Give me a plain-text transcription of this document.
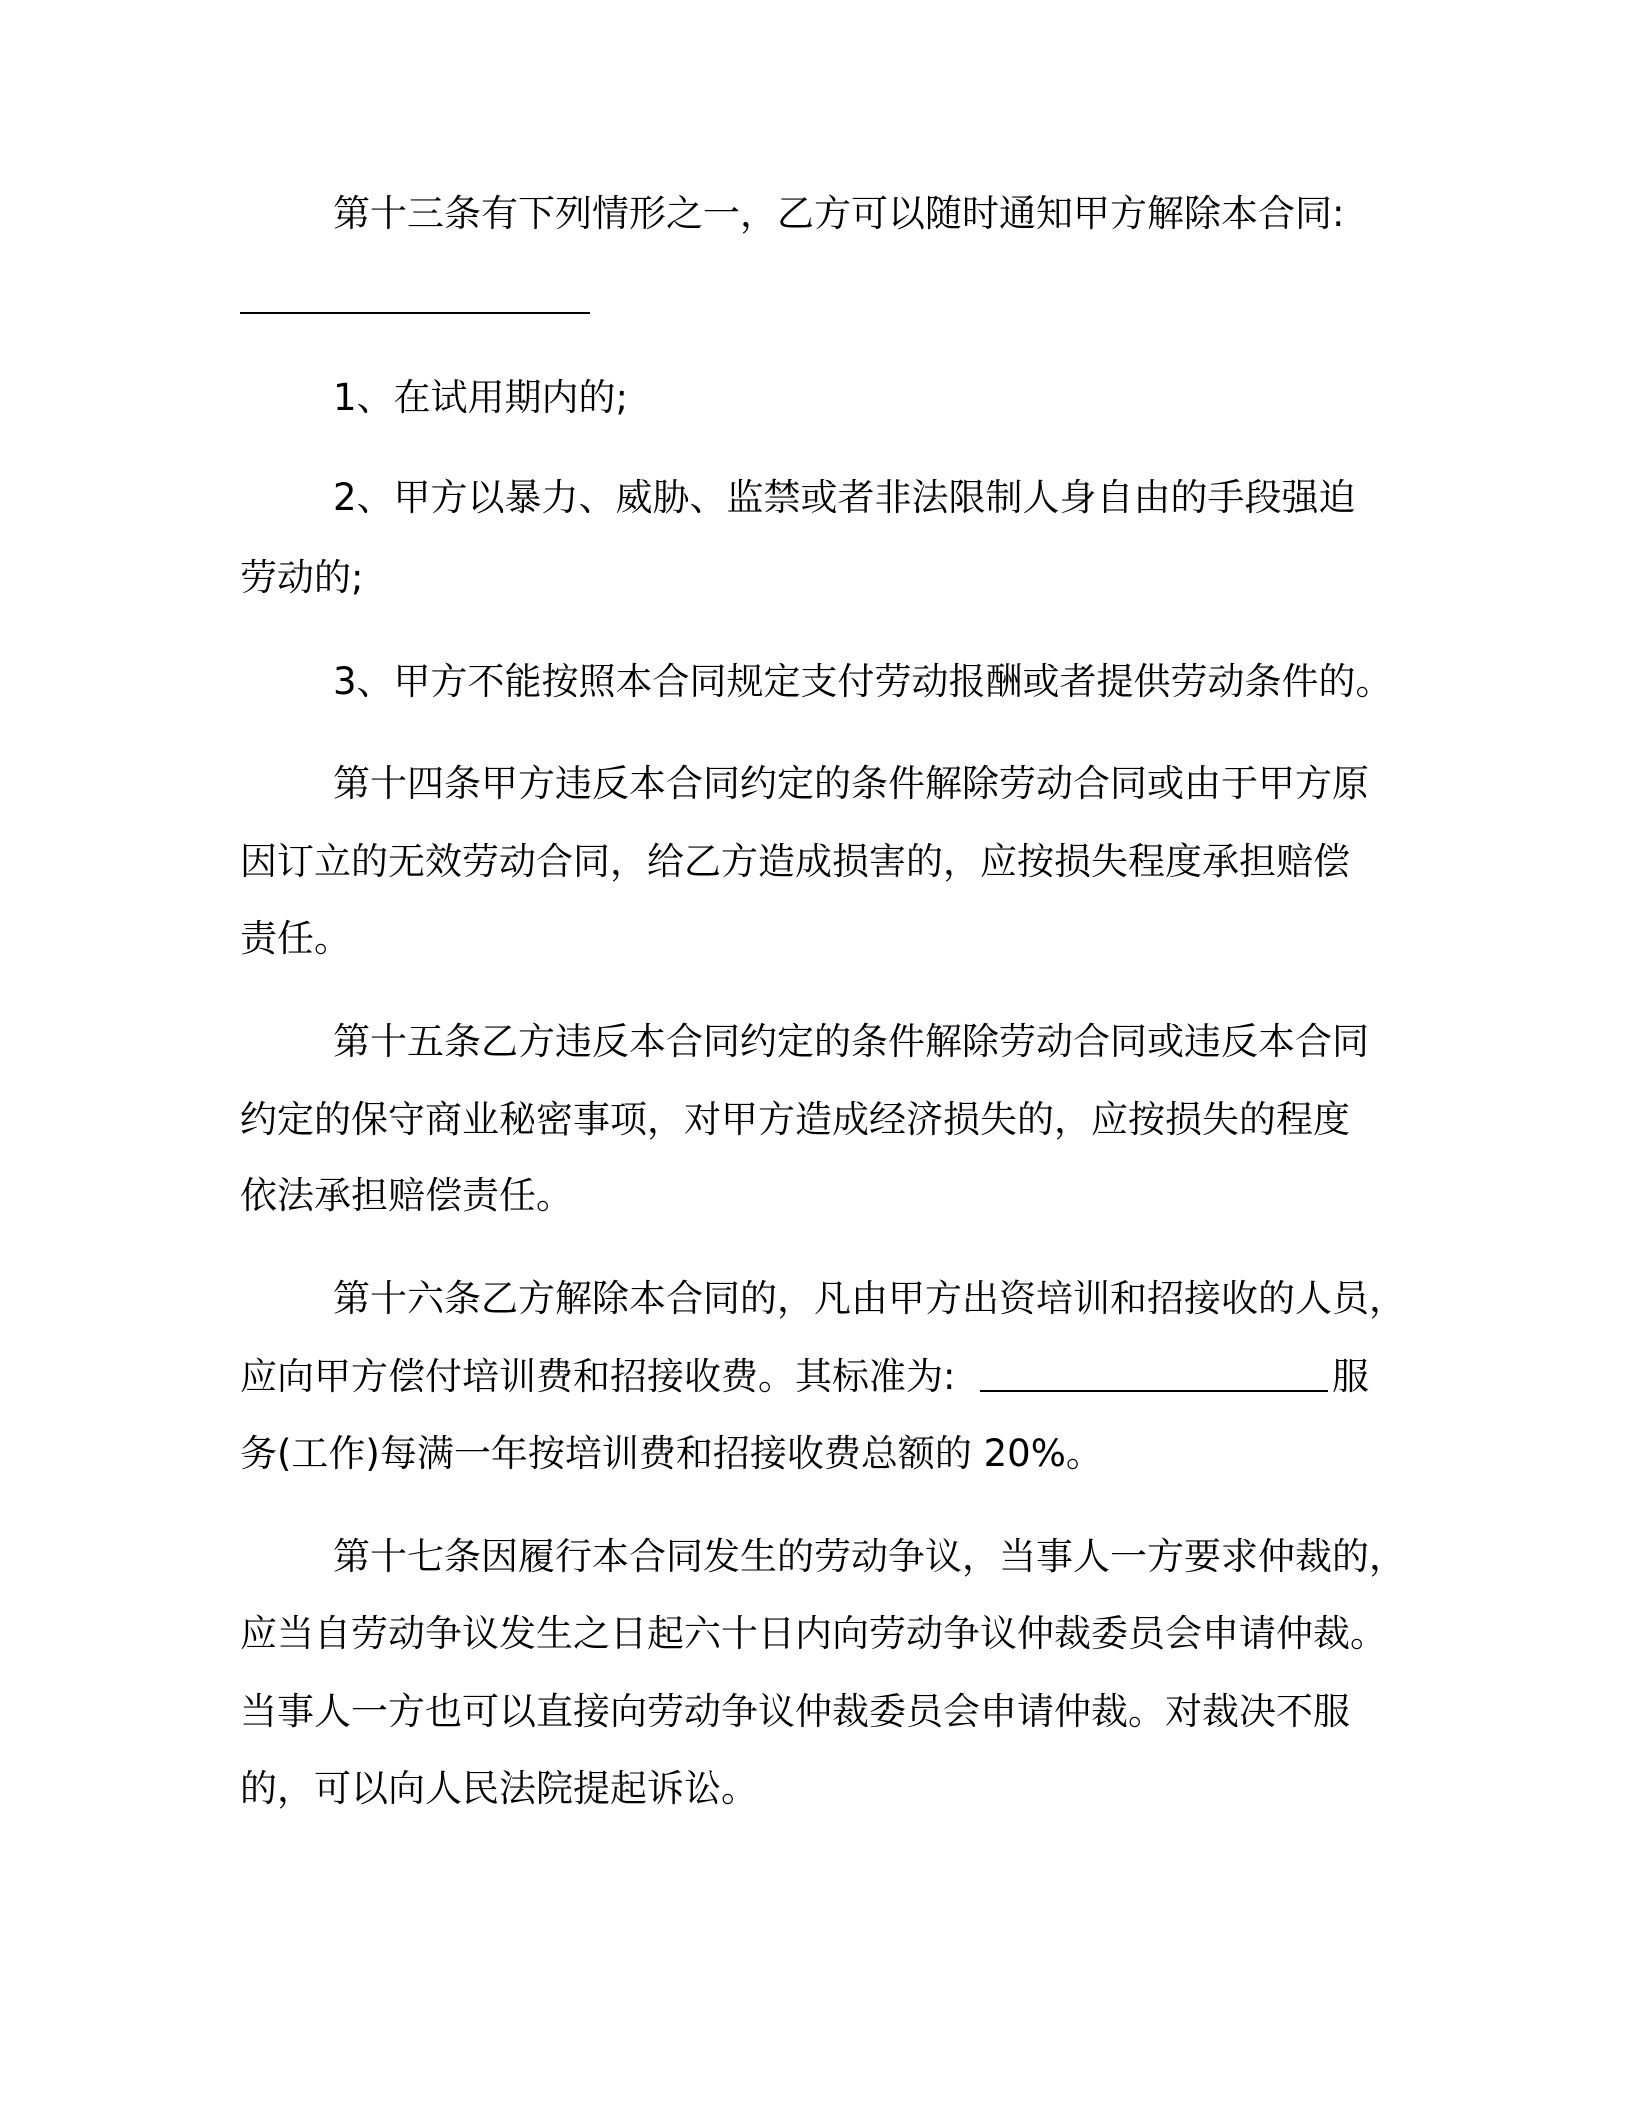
第十三条有下列情形之一，乙方可以随时通知甲方解除本合同:

1、在试用期内的;

2、甲方以暴力、威胁、监禁或者非法限制人身自由的手段强迫

劳动的;

3、甲方不能按照本合同规定支付劳动报酬或者提供劳动条件的。

第十四条甲方违反本合同约定的条件解除劳动合同或由于甲方原

因订立的无效劳动合同，给乙方造成损害的，应按损失程度承担赔偿

责任。

第十五条乙方违反本合同约定的条件解除劳动合同或违反本合同

约定的保守商业秘密事项，对甲方造成经济损失的，应按损失的程度

依法承担赔偿责任。

第十六条乙方解除本合同的，凡由甲方出资培训和招接收的人员，

应向甲方偿付培训费和招接收费。其标准为:	服

务(工作)每满一年按培训费和招接收费总额的 20%。

第十七条因履行本合同发生的劳动争议，当事人一方要求仲裁的，

应当自劳动争议发生之日起六十日内向劳动争议仲裁委员会申请仲裁。

当事人一方也可以直接向劳动争议仲裁委员会申请仲裁。对裁决不服

的，可以向人民法院提起诉讼。
